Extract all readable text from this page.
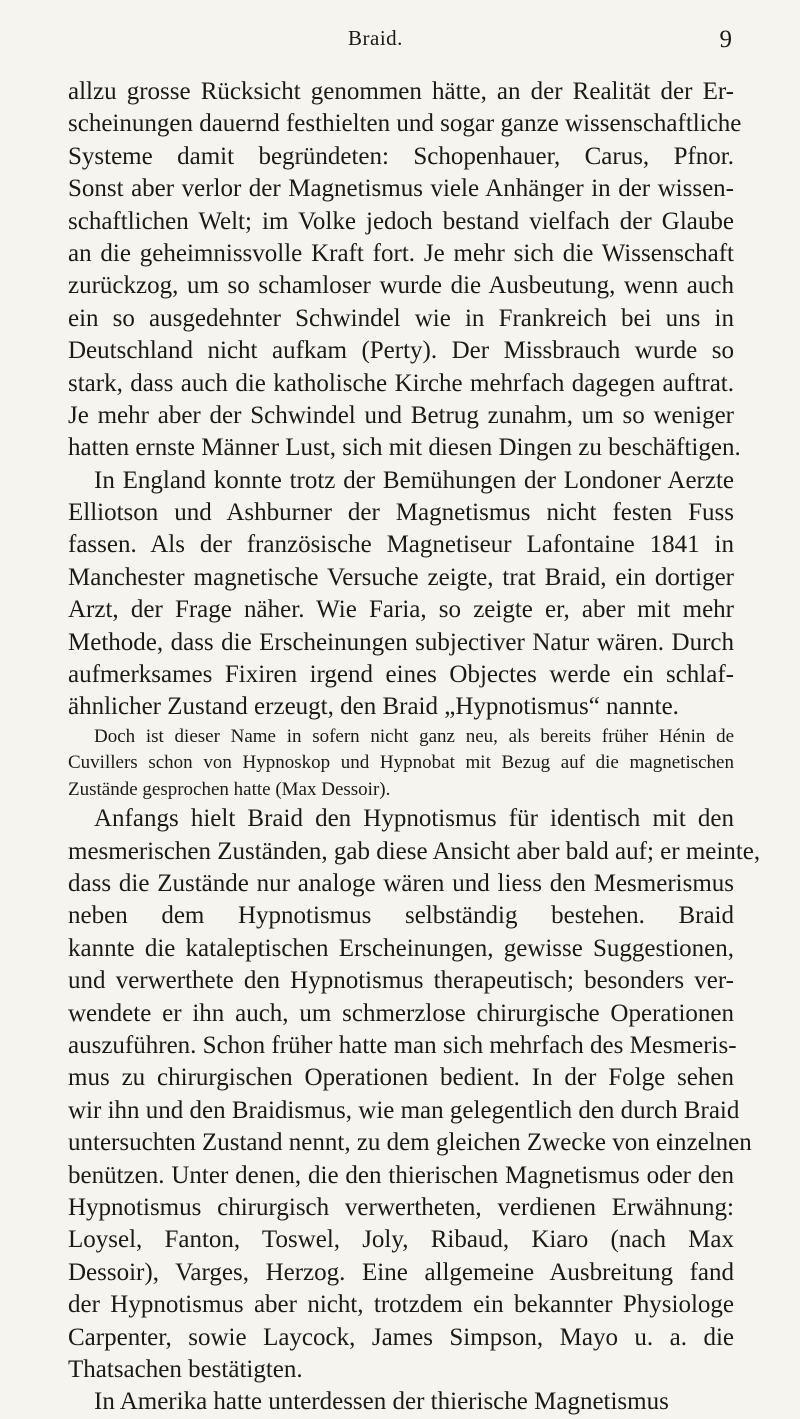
Braid.	9
allzu grosse Rücksicht genommen hätte, an der Realität der Er-
scheinungen dauernd festhielten und sogar ganze wissenschaftliche
Systeme damit begründeten: Schopenhauer, Carus, Pfnor.
Sonst aber verlor der Magnetismus viele Anhänger in der wissen-
schaftlichen Welt; im Volke jedoch bestand vielfach der Glaube
an die geheimnissvolle Kraft fort. Je mehr sich die Wissenschaft
zurückzog, um so schamloser wurde die Ausbeutung, wenn auch
ein so ausgedehnter Schwindel wie in Frankreich bei uns in
Deutschland nicht aufkam (Perty). Der Missbrauch wurde so
stark, dass auch die katholische Kirche mehrfach dagegen auftrat.
Je mehr aber der Schwindel und Betrug zunahm, um so weniger
hatten ernste Männer Lust, sich mit diesen Dingen zu beschäftigen.
In England konnte trotz der Bemühungen der Londoner Aerzte
Elliotson und Ashburner der Magnetismus nicht festen Fuss
fassen. Als der französische Magnetiseur Lafontaine 1841 in
Manchester magnetische Versuche zeigte, trat Braid, ein dortiger
Arzt, der Frage näher. Wie Faria, so zeigte er, aber mit mehr
Methode, dass die Erscheinungen subjectiver Natur wären. Durch
aufmerksames Fixiren irgend eines Objectes werde ein schlaf-
ähnlicher Zustand erzeugt, den Braid „Hypnotismus“ nannte.
Doch ist dieser Name in sofern nicht ganz neu, als bereits früher Hénin de
Cuvillers schon von Hypnoskop und Hypnobat mit Bezug auf die magnetischen
Zustände gesprochen hatte (Max Dessoir).
Anfangs hielt Braid den Hypnotismus für identisch mit den
mesmerischen Zuständen, gab diese Ansicht aber bald auf; er meinte,
dass die Zustände nur analoge wären und liess den Mesmerismus
neben dem Hypnotismus selbständig bestehen. Braid
kannte die kataleptischen Erscheinungen, gewisse Suggestionen,
und verwerthete den Hypnotismus therapeutisch; besonders ver-
wendete er ihn auch, um schmerzlose chirurgische Operationen
auszuführen. Schon früher hatte man sich mehrfach des Mesmeris-
mus zu chirurgischen Operationen bedient. In der Folge sehen
wir ihn und den Braidismus, wie man gelegentlich den durch Braid
untersuchten Zustand nennt, zu dem gleichen Zwecke von einzelnen
benützen. Unter denen, die den thierischen Magnetismus oder den
Hypnotismus chirurgisch verwertheten, verdienen Erwähnung:
Loysel, Fanton, Toswel, Joly, Ribaud, Kiaro (nach Max
Dessoir), Varges, Herzog. Eine allgemeine Ausbreitung fand
der Hypnotismus aber nicht, trotzdem ein bekannter Physiologe
Carpenter, sowie Laycock, James Simpson, Mayo u. a. die
Thatsachen bestätigten.
In Amerika hatte unterdessen der thierische Magnetismus
